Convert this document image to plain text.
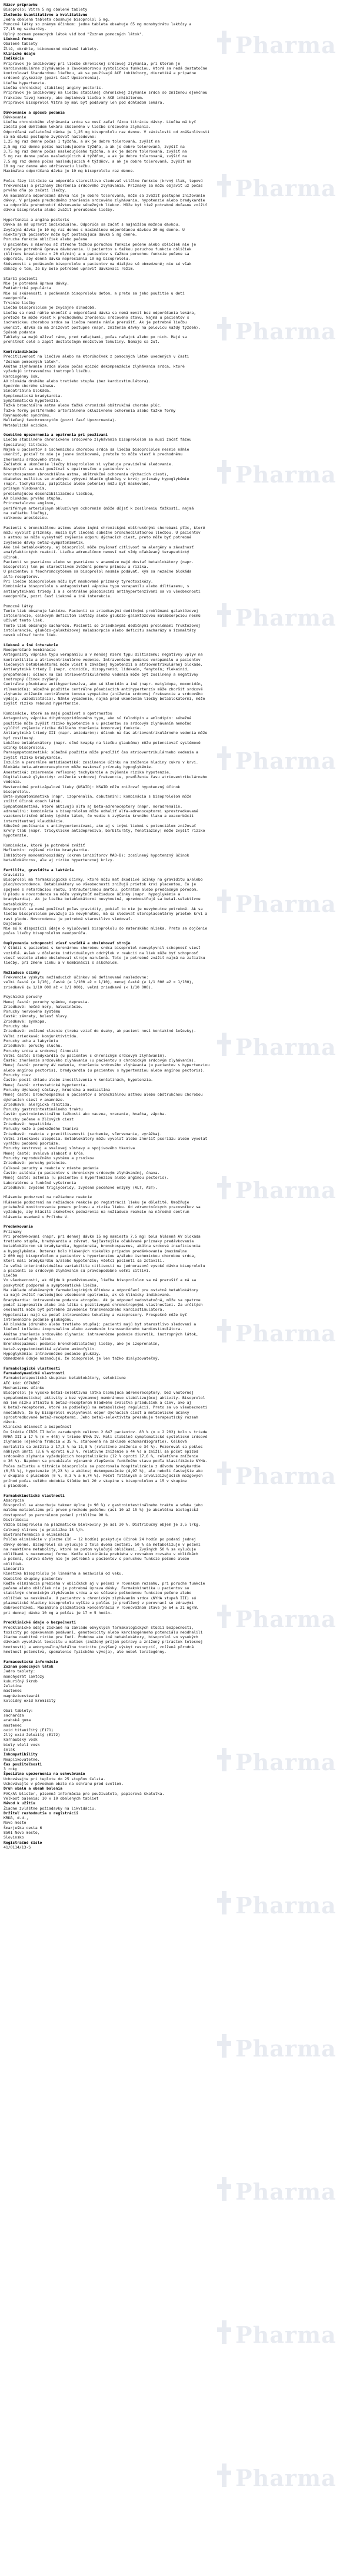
Názov prípravku
Bisoprolol Vitra 5 mg obalené tablety
Zloženie kvantitatívne a kvalitatívne
Jedna obalená tableta obsahuje bisoprolol 5 mg.
Pomocné látky so známym účinkom: jedna tableta obsahuje 65 mg monohydrátu laktózy a
77,15 mg sacharózy.
Úplný zoznam pomocných látok viď bod "Zoznam pomocných látok".
Lieková forma
Obalené tablety
Žlté, okrúhle, bikonvexné obalené tablety.
Klinické údaje
Indikácie
Prípravok je indikovaný pri liečbe chronickej srdcovej zlyhania, pri ktorom je
kardiovaskulárne zlyhávanie s ľavokomorovou systolickou funkciou, ktorá sa nedá dostatočne
kontrolovať štandardnou liečbou, ak sa používajú ACE inhibítory, diuretiká a prípadne
srdcové glykozidy (pozri časť Upozornenia).
Liečba hypertenzie.
Liečba chronickej stabilnej anginy pectoris.
Prípravok je indikovaný na liečbu stabilnej chronickej zlyhanie srdca so zníženou ejekčnou
frakciou ľavej komory, ako doplnková liečba k ACE inhibítorom.
Prípravok Bisoprolol Vitra by mal byť podávaný len pod dohľadom lekára.
Dávkovanie a spôsob podania
Dávkovanie
Liečba chronického zlyhávania srdca sa musí začať fázou titrácie dávky. Liečba má byť
začatá pod dohľadom lekára skúseného v liečbe srdcového zlyhania.
Odporúčaná začiatočná dávka je 1,25 mg bisoprololu raz denne. V závislosti od znášanlivosti
sa má dávka postupne zvyšovať nasledovne:
1,25 mg raz denne počas 1 týždňa, a ak je dobre tolerovaná, zvýšiť na
2,5 mg raz denne počas nasledujúceho týždňa, a ak je dobre tolerovaná, zvýšiť na
3,75 mg raz denne počas nasledujúceho týždňa, a ak je dobre tolerovaná, zvýšiť na
5 mg raz denne počas nasledujúcich 4 týždňov, a ak je dobre tolerovaná, zvýšiť na
7,5 mg raz denne počas nasledujúcich 4 týždňov, a ak je dobre tolerovaná, zvýšiť na
10 mg raz denne ako udržiavaciu liečbu.
Maximálna odporúčaná dávka je 10 mg bisoprololu raz denne.
Počas fázy titrácie sa odporúča starostlivo sledovať vitálne funkcie (krvný tlak, tepovú
frekvenciu) a príznaky zhoršenia srdcového zlyhávania. Príznaky sa môžu objaviť už počas
prvého dňa po začatí liečby.
Ak maximálna odporúčaná dávka nie je dobre tolerovaná, môže sa zvážiť postupné znižovanie
dávky. V prípade prechodného zhoršenia srdcového zlyhávania, hypotenzie alebo bradykardie
sa odporúča prehodnotiť dávkovanie súbežných liekov. Môže byť tiež potrebné dočasne znížiť
dávku bisoprololu alebo zvážiť prerušenie liečby.
Hypertenzia a angína pectoris
Dávka sa má upraviť individuálne. Odporúča sa začať s najnižšou možnou dávkou.
Zvyčajná dávka je 10 mg raz denne s maximálnou odporúčanou dávkou 20 mg denne. U
niektorých pacientov môže byť postačujúca dávka 5 mg denne.
Porucha funkcie obličiek alebo pečene
U pacientov s miernou až stredne ťažkou poruchou funkcie pečene alebo obličiek nie je
zvyčajne potrebná úprava dávkovania. U pacientov s ťažkou poruchou funkcie obličiek
(klírens kreatinínu < 20 ml/min) a u pacientov s ťažkou poruchou funkcie pečene sa
odporúča, aby denná dávka nepresiahla 10 mg bisoprololu.
Skúsenosti s podávaním bisoprololu u pacientov na dialýze sú obmedzené; nie sú však
dôkazy o tom, že by bolo potrebné upraviť dávkovací režim.
Starší pacienti
Nie je potrebná úprava dávky.
Pediatrická populácia
Nie sú skúsenosti s podávaním bisoprololu deťom, a preto sa jeho použitie u detí
neodporúča.
Trvanie liečby
Liečba bisoprololom je zvyčajne dlhodobá.
Liečba sa nemá náhle ukončiť a odporúčaná dávka sa nemá meniť bez odporúčania lekára,
pretože to môže viesť k prechodnému zhoršeniu srdcového stavu. Najmä u pacientov s
ischemickou chorobou srdca sa liečba nesmie náhle prerušiť. Ak je potrebné liečbu
ukončiť, dávka sa má znižovať postupne (napr. znížením dávky na polovicu každý týždeň).
Spôsob podania
Tablety sa majú užívať ráno, pred raňajkami, počas raňajok alebo po nich. Majú sa
prehltnúť celé a zapiť dostatočným množstvom tekutiny. Nemajú sa žuť.
Kontraindikácie
Precitlivenosť na liečivo alebo na ktorúkoľvek z pomocných látok uvedených v časti
"Zoznam pomocných látok".
Akútne zlyhávanie srdca alebo počas epizód dekompenzácie zlyhávania srdca, ktoré
vyžadujú intravenóznu inotropnú liečbu.
Kardiogénny šok.
AV blokáda druhého alebo tretieho stupňa (bez kardiostimulátora).
Syndróm chorého sínusu.
Sinoatriálna blokáda.
Symptomatická bradykardia.
Symptomatická hypotenzia.
Ťažká bronchiálna astma alebo ťažká chronická obštrukčná choroba pľúc.
Ťažké formy periférneho arteriálneho okluzívneho ochorenia alebo ťažké formy
Raynaudovho syndrómu.
Neliečený feochromocytóm (pozri časť Upozornenia).
Metabolická acidóza.
Osobitné upozornenia a opatrenia pri používaní
Liečba stabilného chronického srdcového zlyhávania bisoprololom sa musí začať fázou
špeciálnej titrácie.
Najmä u pacientov s ischemickou chorobou srdca sa liečba bisoprololom nesmie náhle
ukončiť, pokiaľ to nie je jasne indikované, pretože to môže viesť k prechodnému
zhoršeniu srdcového stavu.
Začiatok a ukončenie liečby bisoprololom si vyžaduje pravidelné sledovanie.
Bisoprolol sa musí používať s opatrnosťou u pacientov s:
bronchospazmom (bronchiálna astma, obštrukčné ochorenia dýchacích ciest),
diabetes mellitus so značnými výkyvmi hladín glukózy v krvi; príznaky hypoglykémie
(napr. tachykardia, palpitácie alebo potenie) môžu byť maskované,
prísnym hladovaním,
prebiehajúcou desenzibilizačnou liečbou,
AV blokádou prvého stupňa,
Prinzmetalovou angínou,
periférnym arteriálnym okluzívnym ochorením (môže dôjsť k zosilneniu ťažkostí, najmä
na začiatku liečby),
celkovou anestéziou.
Pacienti s bronchiálnou astmou alebo inými chronickými obštrukčnými chorobami pľúc, ktoré
môžu vyvolať príznaky, musia byť liečení súbežne bronchodilatačnou liečbou. U pacientov
s astmou sa môže vyskytnúť zvýšenie odporu dýchacích ciest, preto môže byť potrebné
zvýšenie dávky beta2-sympatomimetík.
Ako iné betablokátory, aj bisoprolol môže zvyšovať citlivosť na alergény a závažnosť
anafylaktických reakcií. Liečba adrenalínom nemusí mať vždy očakávaný terapeutický
účinok.
Pacienti so psoriázou alebo so psoriázou v anamnéze majú dostať betablokátory (napr.
bisoprolol) len po starostlivom zvážení pomeru prínosu a rizika.
U pacientov s feochromocytómom sa bisoprolol nesmie podávať, kým sa nezačne blokáda
alfa-receptorov.
Pri liečbe bisoprololom môžu byť maskované príznaky tyreotoxikózy.
Kombinácia bisoprololu s antagonistami vápnika typu verapamilu alebo diltiazemu, s
antiarytmikami triedy I a s centrálne pôsobiacimi antihypertenzívami sa vo všeobecnosti
neodporúča, pozri časť Liekové a iné interakcie.
Pomocné látky
Tento liek obsahuje laktózu. Pacienti so zriedkavými dedičnými problémami galaktózovej
intolerancie, celkovým deficitom laktázy alebo glukózo-galaktózovou malabsorpciou nesmú
užívať tento liek.
Tento liek obsahuje sacharózu. Pacienti so zriedkavými dedičnými problémami fruktózovej
intolerancie, glukózo-galaktózovej malabsorpcie alebo deficitu sacharázy a izomaltázy
nesmú užívať tento liek.
Liekové a iné interakcie
Neodporúčané kombinácie
Antagonisty vápnika typu verapamilu a v menšej miere typu diltiazemu: negatívny vplyv na
kontraktilitu a atrioventrikulárne vedenie. Intravenózne podanie verapamilu u pacientov
liečených betablokátormi môže viesť k závažnej hypotenzii a atrioventrikulárnej blokáde.
Antiarytmiká triedy I (napr. chinidín, dizopyramid; lidokaín, fenytoín; flekainid,
propafenón): účinok na čas atrioventrikulárneho vedenia môže byť zosilnený a negatívny
inotropný účinok zvýšený.
Centrálne pôsobiace antihypertenzíva, ako sú klonidín a iné (napr. metyldopa, moxonidín,
rilmenidín): súbežné použitie centrálne pôsobiacich antihypertenzív môže zhoršiť srdcové
zlyhanie znížením centrálneho tonusu sympatiku (zníženie srdcovej frekvencie a srdcového
výdaja, vazodilatácia). Náhle vysadenie, najmä pred ukončením liečby betablokátormi, môže
zvýšiť riziko rebound hypertenzie.
Kombinácie, ktoré sa majú používať s opatrnosťou
Antagonisty vápnika dihydropyridínového typu, ako sú felodipín a amlodipín: súbežné
použitie môže zvýšiť riziko hypotenzie a u pacientov so srdcovým zlyhávaním nemožno
vylúčiť zvýšenie rizika ďalšieho zhoršenia komorovej funkcie.
Antiarytmiká triedy III (napr. amiodarón): účinok na čas atrioventrikulárneho vedenia môže
byť zosilnený.
Lokálne betablokátory (napr. očné kvapky na liečbu glaukómu) môžu potenciovať systémové
účinky bisoprololu.
Parasympatomimetiká: súbežné použitie môže predĺžiť čas atrioventrikulárneho vedenia a
zvýšiť riziko bradykardie.
Inzulín a perorálne antidiabetiká: zosilnenie účinku na zníženie hladiny cukru v krvi.
Blokáda beta-adrenoreceptorov môže maskovať príznaky hypoglykémie.
Anestetiká: zmiernenie reflexnej tachykardie a zvýšenie rizika hypotenzie.
Digitalisové glykozidy: zníženie srdcovej frekvencie, predĺženie času atrioventrikulárneho
vedenia.
Nesteroidné protizápalové lieky (NSAID): NSAID môžu znižovať hypotenzný účinok
bisoprololu.
Beta-sympatomimetiká (napr. izoprenalín, dobutamín): kombinácia s bisoprololom môže
znížiť účinok oboch látok.
Sympatomimetiká, ktoré aktivujú alfa aj beta-adrenoceptory (napr. noradrenalín,
adrenalín): kombinácia s bisoprololom môže odhaliť alfa-adrenoceptormi sprostredkované
vazokonstrikčné účinky týchto látok, čo vedie k zvýšeniu krvného tlaku a exacerbácii
intermitentnej klaudikácie.
Súbežné používanie s antihypertenzívami, ako aj s inými liekmi s potenciálom znižovať
krvný tlak (napr. tricyklické antidepresíva, barbituráty, fenotiazíny) môže zvýšiť riziko
hypotenzie.
Kombinácie, ktoré je potrebné zvážiť
Meflochín: zvýšené riziko bradykardie.
Inhibítory monoaminooxidázy (okrem inhibítorov MAO-B): zosilnený hypotenzný účinok
betablokátorov, ale aj riziko hypertenznej krízy.
Fertilita, gravidita a laktácia
Gravidita
Bisoprolol má farmakologické účinky, ktoré môžu mať škodlivé účinky na graviditu a/alebo
plod/novorodenca. Betablokátory vo všeobecnosti znižujú prietok krvi placentou, čo je
spojené s retardáciou rastu, intrauterinnou smrťou, potratom alebo predčasným pôrodom.
U plodu a novorodenca sa môžu vyskytnúť nežiaduce účinky (napr. hypoglykémia a
bradykardia). Ak je liečba betablokátormi nevyhnutná, uprednostňujú sa beta1-selektívne
betablokátory.
Bisoprolol sa nemá používať počas gravidity, pokiaľ to nie je nevyhnutne potrebné. Ak sa
liečba bisoprololom považuje za nevyhnutnú, má sa sledovať uteroplacentárny prietok krvi a
rast plodu. Novorodenca je potrebné starostlivo sledovať.
Dojčenie
Nie sú k dispozícii údaje o vylučovaní bisoprololu do materského mlieka. Preto sa dojčenie
počas liečby bisoprololom neodporúča.
Ovplyvnenie schopnosti viesť vozidlá a obsluhovať stroje
V štúdii s pacientmi s koronárnou chorobou srdca bisoprolol neovplyvnil schopnosť viesť
vozidlá. Avšak v dôsledku individuálnych odchýlok v reakcii na liek môže byť schopnosť
viesť vozidlo alebo obsluhovať stroje narušená. Toto je potrebné zvážiť najmä na začiatku
liečby, pri zmene lieku a v kombinácii s alkoholom.
Nežiaduce účinky
Frekvencie výskytu nežiaducich účinkov sú definované nasledovne:
veľmi časté (≥ 1/10), časté (≥ 1/100 až < 1/10), menej časté (≥ 1/1 000 až < 1/100),
zriedkavé (≥ 1/10 000 až < 1/1 000), veľmi zriedkavé (< 1/10 000).
Psychické poruchy
Menej časté: poruchy spánku, depresia.
Zriedkavé: nočné mory, halucinácie.
Poruchy nervového systému
Časté: závraty, bolesť hlavy.
Zriedkavé: synkopa.
Poruchy oka
Zriedkavé: znížené slzenie (treba vziať do úvahy, ak pacient nosí kontaktné šošovky).
Veľmi zriedkavé: konjunktivitída.
Poruchy ucha a labyrintu
Zriedkavé: poruchy sluchu.
Poruchy srdca a srdcovej činnosti
Veľmi časté: bradykardia (u pacientov s chronickým srdcovým zlyhávaním).
Časté: zhoršenie srdcového zlyhávania (u pacientov s chronickým srdcovým zlyhávaním).
Menej časté: poruchy AV vedenia, zhoršenie srdcového zlyhávania (u pacientov s hypertenziou
alebo angínou pectoris), bradykardia (u pacientov s hypertenziou alebo angínou pectoris).
Poruchy ciev
Časté: pocit chladu alebo znecitlivenia v končatinách, hypotenzia.
Menej časté: ortostatická hypotenzia.
Poruchy dýchacej sústavy, hrudníka a mediastína
Menej časté: bronchospazmus u pacientov s bronchiálnou astmou alebo obštrukčnou chorobou
dýchacích ciest v anamnéze.
Zriedkavé: alergická rinitída.
Poruchy gastrointestinálneho traktu
Časté: gastrointestinálne ťažkosti ako nauzea, vracanie, hnačka, zápcha.
Poruchy pečene a žlčových ciest
Zriedkavé: hepatitída.
Poruchy kože a podkožného tkaniva
Zriedkavé: reakcie z precitlivenosti (svrbenie, sčervenanie, vyrážka).
Veľmi zriedkavé: alopécia. Betablokátory môžu vyvolať alebo zhoršiť psoriázu alebo vyvolať
vyrážku podobnú psoriáze.
Poruchy kostrovej a svalovej sústavy a spojivového tkaniva
Menej časté: svalová slabosť a kŕče.
Poruchy reprodukčného systému a prsníkov
Zriedkavé: poruchy potencie.
Celkové poruchy a reakcie v mieste podania
Časté: asténia (u pacientov s chronickým srdcovým zlyhávaním), únava.
Menej časté: asténia (u pacientov s hypertenziou alebo angínou pectoris).
Laboratórne a funkčné vyšetrenia
Zriedkavé: zvýšené triglyceridy, zvýšené pečeňové enzýmy (ALT, AST).
Hlásenie podozrení na nežiaduce reakcie
Hlásenie podozrení na nežiaduce reakcie po registrácii lieku je dôležité. Umožňuje
priebežné monitorovanie pomeru prínosu a rizika lieku. Od zdravotníckych pracovníkov sa
vyžaduje, aby hlásili akékoľvek podozrenia na nežiaduce reakcie na národné centrum
hlásenia uvedené v Prílohe V.
Predávkovanie
Príznaky
Pri predávkovaní (napr. pri dennej dávke 15 mg namiesto 7,5 mg) bola hlásená AV blokáda
tretieho stupňa, bradykardia a závrat. Najčastejšie očakávané príznaky predávkovania
betablokátorom sú bradykardia, hypotenzia, bronchospazmus, akútna srdcová insuficiencia
a hypoglykémia. Doteraz bolo hlásených niekoľko prípadov predávkovania (maximálne
2 000 mg) bisoprololom u pacientov s hypertenziou a/alebo ischemickou chorobou srdca,
ktorí mali bradykardiu a/alebo hypotenziu; všetci pacienti sa zotavili.
Je veľká interindividuálna variabilita citlivosti na jednorazovú vysokú dávku bisoprololu
a pacienti so srdcovým zlyhávaním sú pravdepodobne veľmi citliví.
Liečba
Vo všeobecnosti, ak dôjde k predávkovaniu, liečba bisoprololom sa má prerušiť a má sa
poskytnúť podporná a symptomatická liečba.
Na základe očakávaných farmakologických účinkov a odporúčaní pre ostatné betablokátory
sa majú zvážiť nasledujúce všeobecné opatrenia, ak sú klinicky indikované.
Bradykardia: intravenózne podanie atropínu. Ak je odpoveď nedostatočná, môže sa opatrne
podať izoprenalín alebo iná látka s pozitívnymi chronotropnými vlastnosťami. Za určitých
okolností môže byť potrebné zavedenie transvenózneho kardiostimulátora.
Hypotenzia: majú sa podať intravenózne tekutiny a vazopresory. Prospešné môže byť
intravenózne podanie glukagónu.
AV blokáda (druhého alebo tretieho stupňa): pacienti majú byť starostlivo sledovaní a
liečení infúziou izoprenalínu alebo zavedením transvenózneho kardiostimulátora.
Akútne zhoršenie srdcového zlyhania: intravenózne podanie diuretík, inotropných látok,
vazodilatačných látok.
Bronchospazmus: podanie bronchodilatačnej liečby, ako je izoprenalín,
beta2-sympatomimetiká a/alebo aminofylín.
Hypoglykémia: intravenózne podanie glukózy.
Obmedzené údaje naznačujú, že bisoprolol je len ťažko dialyzovateľný.
Farmakologické vlastnosti
Farmakodynamické vlastnosti
Farmakoterapeutická skupina: betablokátory, selektívne
ATC kód: C07AB07
Mechanizmus účinku
Bisoprolol je vysoko beta1-selektívna látka blokujúca adrenoreceptory, bez vnútornej
sympatomimetickej aktivity a bez významnej membránovo stabilizujúcej aktivity. Bisoprolol
má len nízku afinitu k beta2-receptorom hladkého svalstva priedušiek a ciev, ako aj
k beta2-receptorom, ktoré sa podieľajú na metabolickej regulácii. Preto sa vo všeobecnosti
neočakáva, že by bisoprolol ovplyvňoval odpor dýchacích ciest a metabolické účinky
sprostredkované beta2-receptormi. Jeho beta1-selektivita presahuje terapeutický rozsah
dávok.
Klinická účinnosť a bezpečnosť
Do štúdie CIBIS II bolo zaradených celkovo 2 647 pacientov. 83 % (n = 2 202) bolo v triede
NYHA III a 17 % (n = 445) v triede NYHA IV. Mali stabilné symptomatické systolické srdcové
zlyhanie (ejekčná frakcia ≤ 35 %, stanovená na základe echokardiografie). Celková
mortalita sa znížila z 17,3 % na 11,8 % (relatívne zníženie o 34 %). Pozoroval sa pokles
náhlych úmrtí (3,6 % oproti 6,3 %, relatívne zníženie o 44 %) a znížil sa počet epizód
srdcového zlyhania vyžadujúcich hospitalizáciu (12 % oproti 17,6 %, relatívne zníženie
o 36 %). Napokon sa preukázalo významné zlepšenie funkčného stavu podľa klasifikácie NYHA.
Počas začiatku a titrácie bisoprololu sa pozorovala hospitalizácia z dôvodu bradykardie
(0,53 %), hypotenzie (0,23 %) a akútnej dekompenzácie (4,97 %), ale neboli častejšie ako
v skupine s placebom (0 %, 0,3 % a 6,74 %). Počet fatálnych a invalidizujúcich mozgových
príhod počas celého obdobia štúdie bol 20 v skupine s bisoprololom a 15 v skupine
s placebom.
Farmakokinetické vlastnosti
Absorpcia
Bisoprolol sa absorbuje takmer úplne (> 90 %) z gastrointestinálneho traktu a vďaka jeho
malému metabolizmu pri prvom prechode pečeňou (asi 10 až 15 %) je absolútna biologická
dostupnosť po perorálnom podaní približne 90 %.
Distribúcia
Väzba bisoprololu na plazmatické bielkoviny je asi 30 %. Distribučný objem je 3,5 l/kg.
Celkový klírens je približne 15 l/h.
Biotransformácia a eliminácia
Polčas eliminácie v plazme (10 – 12 hodín) poskytuje účinok 24 hodín po podaní jednej
dávky denne. Bisoprolol sa vylučuje z tela dvoma cestami. 50 % sa metabolizuje v pečeni
na neaktívne metabolity, ktoré sa potom vylučujú obličkami. Zvyšných 50 % sa vylučuje
obličkami v nezmenenej forme. Keďže eliminácia prebieha v rovnakom rozsahu v obličkách
a pečeni, úprava dávky nie je potrebná u pacientov s poruchou funkcie pečene alebo
obličiek.
Linearita
Kinetika bisoprololu je lineárna a nezávislá od veku.
Osobitné skupiny pacientov
Keďže eliminácia prebieha v obličkách aj v pečeni v rovnakom rozsahu, pri poruche funkcie
pečene alebo obličiek nie je potrebná úprava dávky. Farmakokinetika u pacientov so
stabilným chronickým zlyhávaním srdca a so súčasne poškodenou funkciou pečene alebo
obličiek sa neskúmala. U pacientov s chronickým zlyhávaním srdca (NYHA stupeň III) sú
plazmatické hladiny bisoprololu vyššie a polčas je predĺžený v porovnaní so zdravými
dobrovoľníkmi. Maximálna plazmatická koncentrácia v rovnovážnom stave je 64 ± 21 ng/ml
pri dennej dávke 10 mg a polčas je 17 ± 5 hodín.
Predklinické údaje o bezpečnosti
Predklinické údaje získané na základe obvyklých farmakologických štúdií bezpečnosti,
toxicity po opakovanom podávaní, genotoxicity alebo karcinogénneho potenciálu neodhalili
žiadne osobitné riziko pre ľudí. Podobne ako iné betablokátory, bisoprolol vo vysokých
dávkach vyvolával toxicitu u matiek (znížený príjem potravy a znížený prírastok telesnej
hmotnosti) a embryonálnu/fetálnu toxicitu (zvýšený výskyt resorpcií, znížená pôrodná
hmotnosť potomstva, spomalenie fyzického vývoja), ale nebol teratogénny.
Farmaceutické informácie
Zoznam pomocných látok
Jadro tablety:
monohydrát laktózy
kukuričný škrob
želatína
mastenec
magnéziumstearát
koloidný oxid kremičitý
Obal tablety:
sacharóza
arabská guma
mastenec
oxid titaničitý (E171)
žltý oxid železitý (E172)
karnaubský vosk
biely včelí vosk
šelak
Inkompatibility
Neaplikovateľné.
Čas použiteľnosti
3 roky
Špeciálne upozornenia na uchovávanie
Uchovávajte pri teplote do 25 stupňov Celzia.
Uchovávajte v pôvodnom obale na ochranu pred svetlom.
Druh obalu a obsah balenia
PVC/Al blister, písomná informácia pre používateľa, papierová škatuľka.
Veľkosť balenia: 10 x 10 obalených tabliet
Návod k užitiu
Žiadne zvláštne požiadavky na likvidáciu.
Držiteľ rozhodnutia o registrácii
KRKA, d.d.,
Novo mesto
Šmarješka cesta 6
8501 Novo mesto,
Slovinsko
Registračné číslo
41/0114/13-S
Pharma
Pharma
Pharma
Pharma
Pharma
Pharma
Pharma
Pharma
Pharma
Pharma
Pharma
Pharma
Pharma
Pharma
Pharma
Pharma
Pharma
Pharma
